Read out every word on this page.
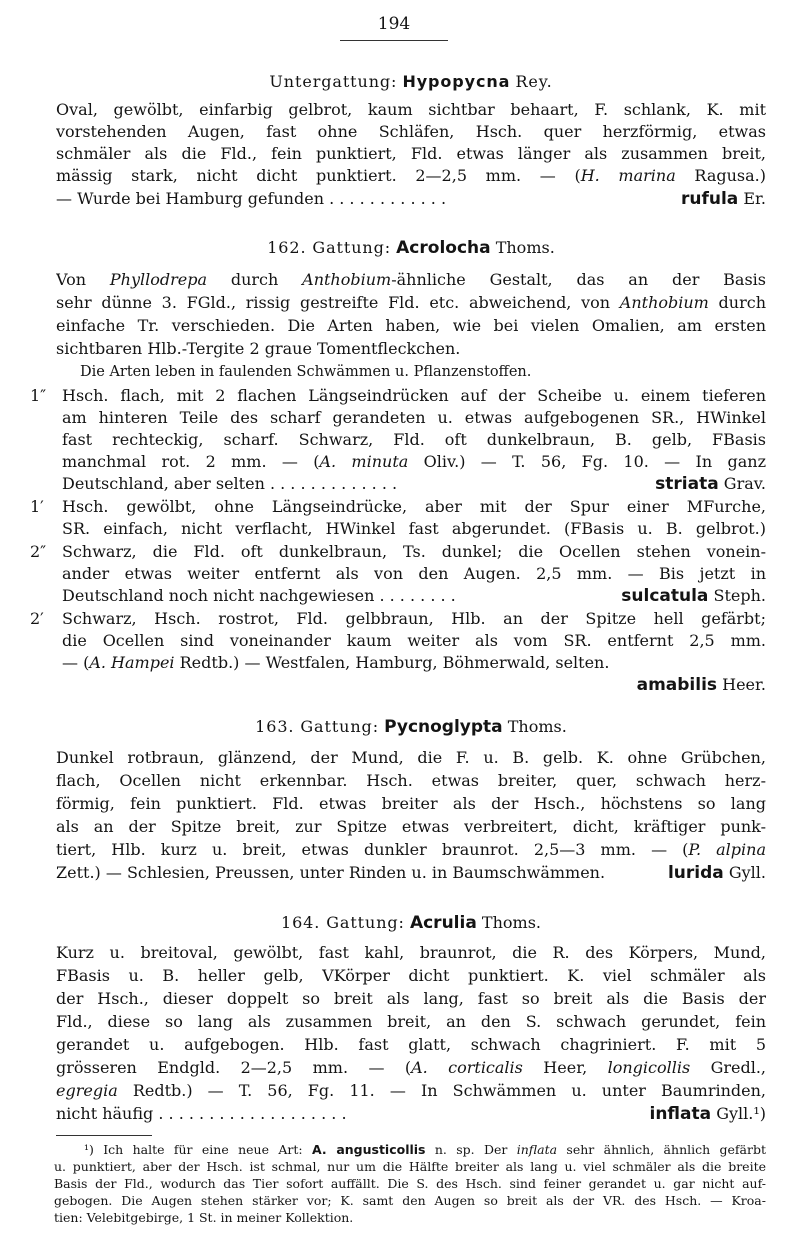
194
Untergattung: Hypopycna Rey.
Oval, gewölbt, einfarbig gelbrot, kaum sichtbar behaart, F. schlank, K. mit
vorstehenden Augen, fast ohne Schläfen, Hsch. quer herzförmig, etwas
schmäler als die Fld., fein punktiert, Fld. etwas länger als zusammen breit,
mässig stark, nicht dicht punktiert. 2—2,5 mm. — (H. marina Ragusa.)
— Wurde bei Hamburg gefunden . . . . . . . . . . . .	rufula Er.
162. Gattung: Acrolocha Thoms.
Von Phyllodrepa durch Anthobium-ähnliche Gestalt, das an der Basis
sehr dünne 3. FGld., rissig gestreifte Fld. etc. abweichend, von Anthobium durch
einfache Tr. verschieden. Die Arten haben, wie bei vielen Omalien, am ersten
sichtbaren Hlb.-Tergite 2 graue Tomentfleckchen.
Die Arten leben in faulenden Schwämmen u. Pflanzenstoffen.
1″ Hsch. flach, mit 2 flachen Längseindrücken auf der Scheibe u. einem tieferen
am hinteren Teile des scharf gerandeten u. etwas aufgebogenen SR., HWinkel
fast rechteckig, scharf. Schwarz, Fld. oft dunkelbraun, B. gelb, FBasis
manchmal rot. 2 mm. — (A. minuta Oliv.) — T. 56, Fg. 10. — In ganz
Deutschland, aber selten . . . . . . . . . . . . .	striata Grav.
1′ Hsch. gewölbt, ohne Längseindrücke, aber mit der Spur einer MFurche,
SR. einfach, nicht verflacht, HWinkel fast abgerundet. (FBasis u. B. gelbrot.)
2″ Schwarz, die Fld. oft dunkelbraun, Ts. dunkel; die Ocellen stehen vonein-
ander etwas weiter entfernt als von den Augen. 2,5 mm. — Bis jetzt in
Deutschland noch nicht nachgewiesen . . . . . . . .	sulcatula Steph.
2′ Schwarz, Hsch. rostrot, Fld. gelbbraun, Hlb. an der Spitze hell gefärbt;
die Ocellen sind voneinander kaum weiter als vom SR. entfernt 2,5 mm.
— (A. Hampei Redtb.) — Westfalen, Hamburg, Böhmerwald, selten.
amabilis Heer.
163. Gattung: Pycnoglypta Thoms.
Dunkel rotbraun, glänzend, der Mund, die F. u. B. gelb. K. ohne Grübchen,
flach, Ocellen nicht erkennbar. Hsch. etwas breiter, quer, schwach herz-
förmig, fein punktiert. Fld. etwas breiter als der Hsch., höchstens so lang
als an der Spitze breit, zur Spitze etwas verbreitert, dicht, kräftiger punk-
tiert, Hlb. kurz u. breit, etwas dunkler braunrot. 2,5—3 mm. — (P. alpina
Zett.) — Schlesien, Preussen, unter Rinden u. in Baumschwämmen.	lurida Gyll.
164. Gattung: Acrulia Thoms.
Kurz u. breitoval, gewölbt, fast kahl, braunrot, die R. des Körpers, Mund,
FBasis u. B. heller gelb, VKörper dicht punktiert. K. viel schmäler als
der Hsch., dieser doppelt so breit als lang, fast so breit als die Basis der
Fld., diese so lang als zusammen breit, an den S. schwach gerundet, fein
gerandet u. aufgebogen. Hlb. fast glatt, schwach chagriniert. F. mit 5
grösseren Endgld. 2—2,5 mm. — (A. corticalis Heer, longicollis Gredl.,
egregia Redtb.) — T. 56, Fg. 11. — In Schwämmen u. unter Baumrinden,
nicht häufig . . . . . . . . . . . . . . . . . . .	inflata Gyll.¹)
¹) Ich halte für eine neue Art: A. angusticollis n. sp. Der inflata sehr ähnlich, ähnlich gefärbt
u. punktiert, aber der Hsch. ist schmal, nur um die Hälfte breiter als lang u. viel schmäler als die breite
Basis der Fld., wodurch das Tier sofort auffällt. Die S. des Hsch. sind feiner gerandet u. gar nicht auf-
gebogen. Die Augen stehen stärker vor; K. samt den Augen so breit als der VR. des Hsch. — Kroa-
tien: Velebitgebirge, 1 St. in meiner Kollektion.
